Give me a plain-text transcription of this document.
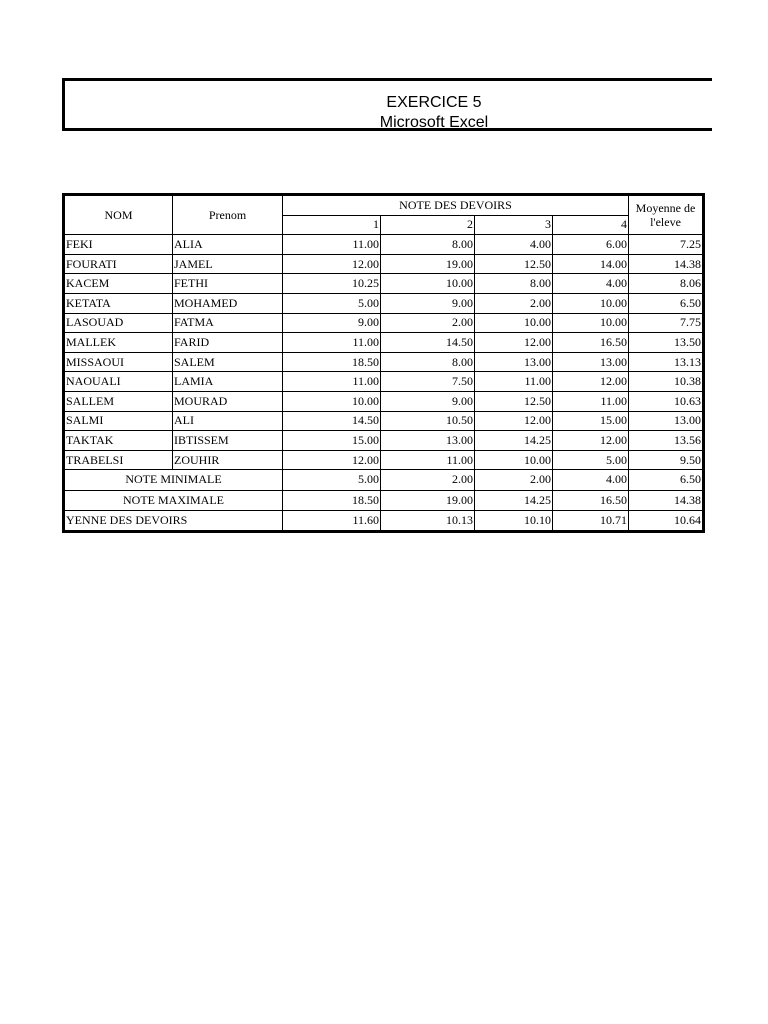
EXERCICE 5
Microsoft Excel
NOM	Prenom	NOTE DES DEVOIRS				Moyenne de l'eleve
		1	2	3	4	
FEKI	ALIA	11.00	8.00	4.00	6.00	7.25
FOURATI	JAMEL	12.00	19.00	12.50	14.00	14.38
KACEM	FETHI	10.25	10.00	8.00	4.00	8.06
KETATA	MOHAMED	5.00	9.00	2.00	10.00	6.50
LASOUAD	FATMA	9.00	2.00	10.00	10.00	7.75
MALLEK	FARID	11.00	14.50	12.00	16.50	13.50
MISSAOUI	SALEM	18.50	8.00	13.00	13.00	13.13
NAOUALI	LAMIA	11.00	7.50	11.00	12.00	10.38
SALLEM	MOURAD	10.00	9.00	12.50	11.00	10.63
SALMI	ALI	14.50	10.50	12.00	15.00	13.00
TAKTAK	IBTISSEM	15.00	13.00	14.25	12.00	13.56
TRABELSI	ZOUHIR	12.00	11.00	10.00	5.00	9.50
NOTE MINIMALE		5.00	2.00	2.00	4.00	6.50
NOTE MAXIMALE		18.50	19.00	14.25	16.50	14.38
YENNE DES DEVOIRS		11.60	10.13	10.10	10.71	10.64
